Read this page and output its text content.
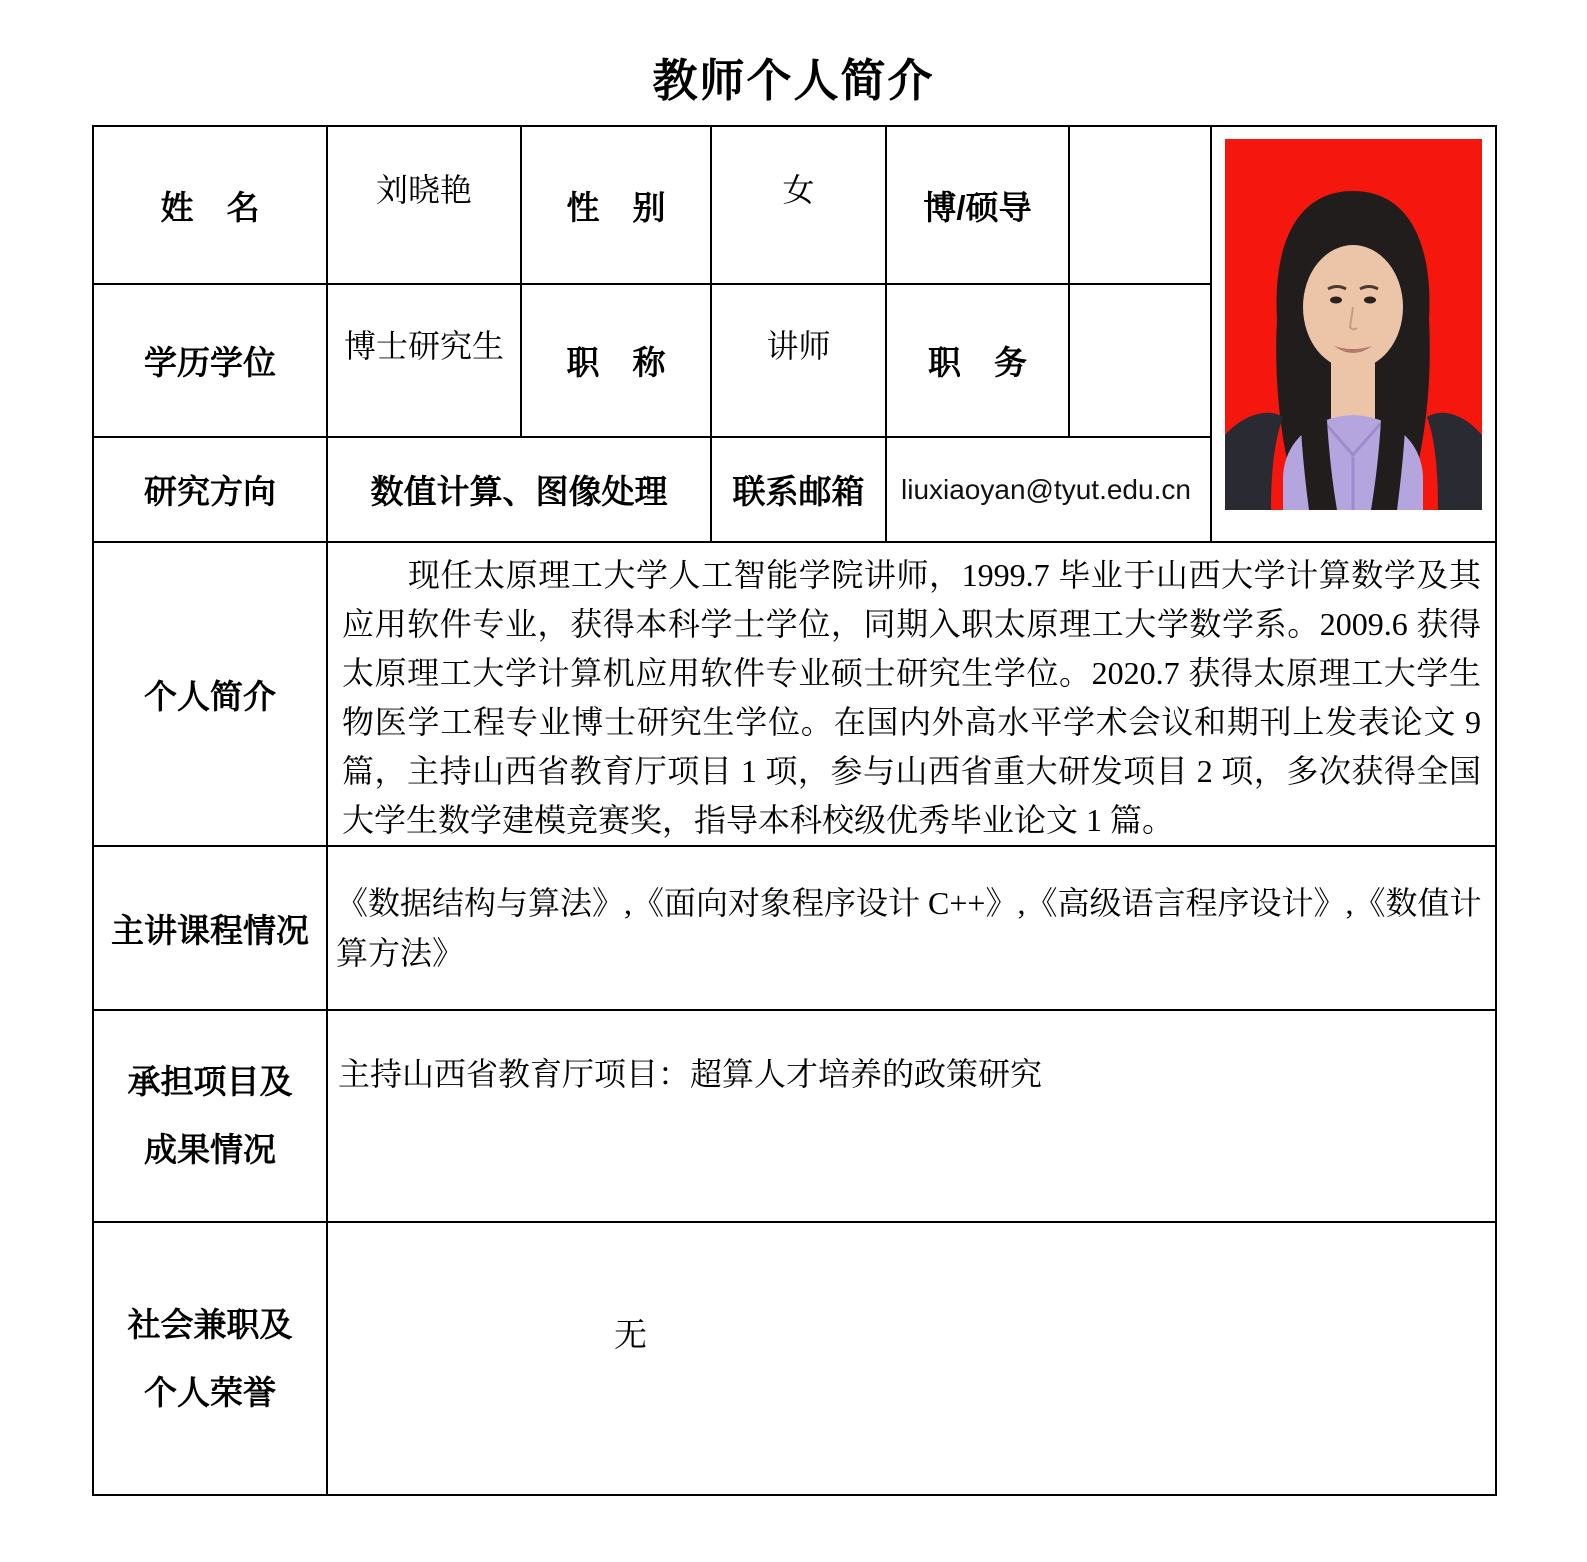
教师个人简介
姓　名	刘晓艳	性　别	女	博/硕导		
学历学位	博士研究生	职　称	讲师	职　务		
研究方向	数值计算、图像处理		联系邮箱	liuxiaoyan@tyut.edu.cn		
个人简介	现任太原理工大学人工智能学院讲师，1999.7 毕业于山西大学计算数学及其应用软件专业，获得本科学士学位，同期入职太原理工大学数学系。2009.6 获得太原理工大学计算机应用软件专业硕士研究生学位。2020.7 获得太原理工大学生物医学工程专业博士研究生学位。在国内外高水平学术会议和期刊上发表论文 9 篇，主持山西省教育厅项目 1 项，参与山西省重大研发项目 2 项，多次获得全国大学生数学建模竞赛奖，指导本科校级优秀毕业论文 1 篇。					

主讲课程情况	《数据结构与算法》,《面向对象程序设计 C++》,《高级语言程序设计》,《数值计算方法》					

承担项目及
成果情况	主持山西省教育厅项目：超算人才培养的政策研究					

社会兼职及
个人荣誉	无					
